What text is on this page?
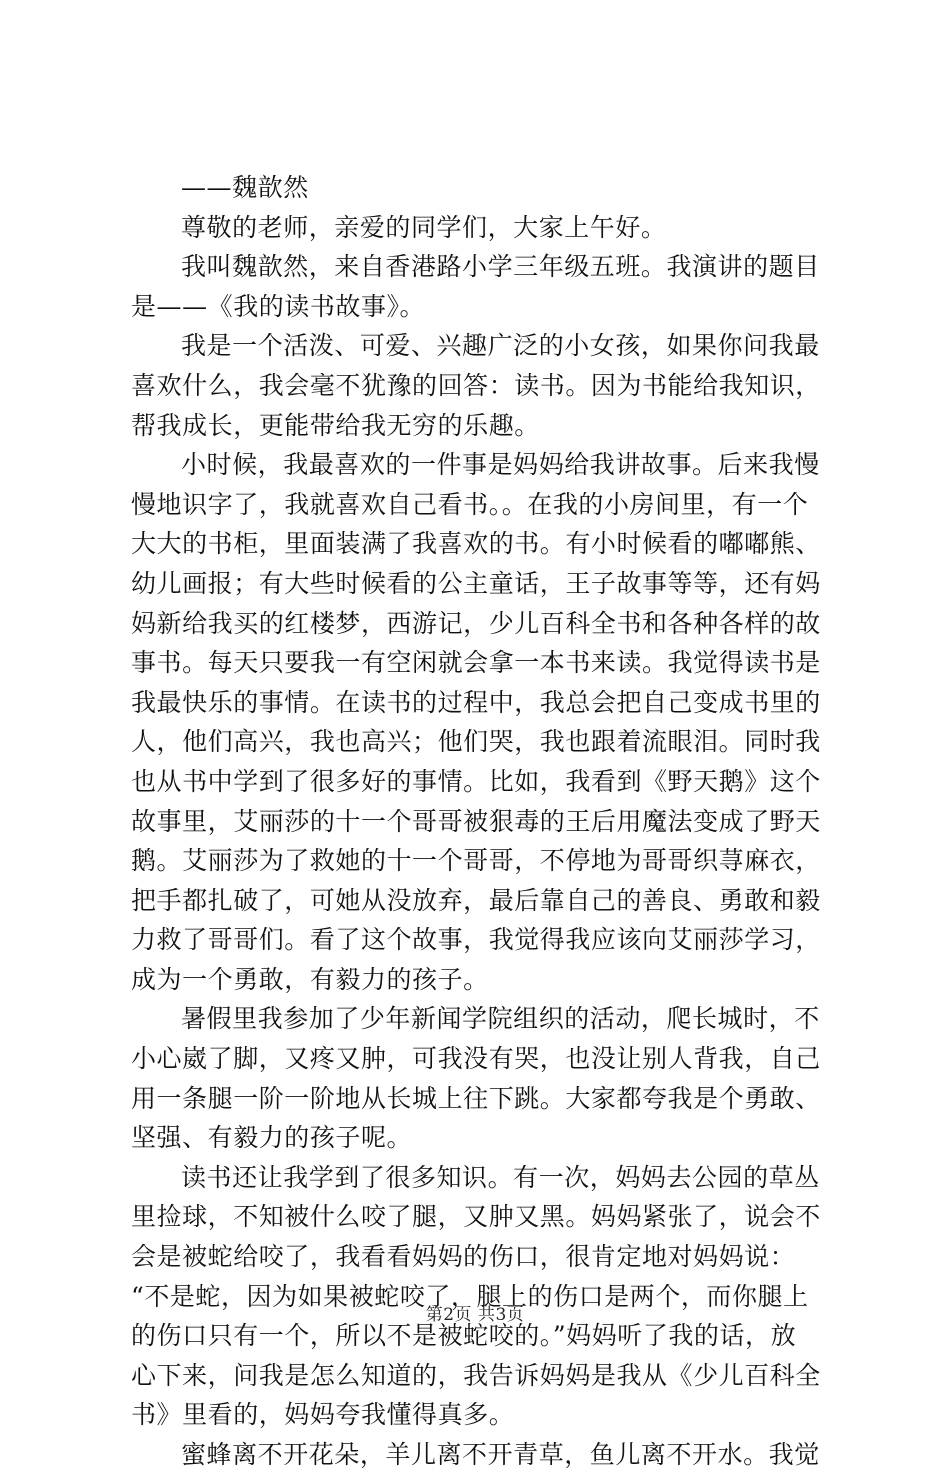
——魏歆然
尊敬的老师，亲爱的同学们，大家上午好。
我叫魏歆然，来自香港路小学三年级五班。我演讲的题目
是——《我的读书故事》。
我是一个活泼、可爱、兴趣广泛的小女孩，如果你问我最
喜欢什么，我会毫不犹豫的回答：读书。因为书能给我知识，
帮我成长，更能带给我无穷的乐趣。
小时候，我最喜欢的一件事是妈妈给我讲故事。后来我慢
慢地识字了，我就喜欢自己看书。。在我的小房间里，有一个
大大的书柜，里面装满了我喜欢的书。有小时候看的嘟嘟熊、
幼儿画报；有大些时候看的公主童话，王子故事等等，还有妈
妈新给我买的红楼梦，西游记，少儿百科全书和各种各样的故
事书。每天只要我一有空闲就会拿一本书来读。我觉得读书是
我最快乐的事情。在读书的过程中，我总会把自己变成书里的
人，他们高兴，我也高兴；他们哭，我也跟着流眼泪。同时我
也从书中学到了很多好的事情。比如，我看到《野天鹅》这个
故事里，艾丽莎的十一个哥哥被狠毒的王后用魔法变成了野天
鹅。艾丽莎为了救她的十一个哥哥，不停地为哥哥织荨麻衣，
把手都扎破了，可她从没放弃，最后靠自己的善良、勇敢和毅
力救了哥哥们。看了这个故事，我觉得我应该向艾丽莎学习，
成为一个勇敢，有毅力的孩子。
暑假里我参加了少年新闻学院组织的活动，爬长城时，不
小心崴了脚，又疼又肿，可我没有哭，也没让别人背我，自己
用一条腿一阶一阶地从长城上往下跳。大家都夸我是个勇敢、
坚强、有毅力的孩子呢。
读书还让我学到了很多知识。有一次，妈妈去公园的草丛
里捡球，不知被什么咬了腿，又肿又黑。妈妈紧张了，说会不
会是被蛇给咬了，我看看妈妈的伤口，很肯定地对妈妈说：
“不是蛇，因为如果被蛇咬了，腿上的伤口是两个，而你腿上
的伤口只有一个，所以不是被蛇咬的。”妈妈听了我的话，放
心下来，问我是怎么知道的，我告诉妈妈是我从《少儿百科全
书》里看的，妈妈夸我懂得真多。
蜜蜂离不开花朵，羊儿离不开青草，鱼儿离不开水。我觉
第2页 共3页
